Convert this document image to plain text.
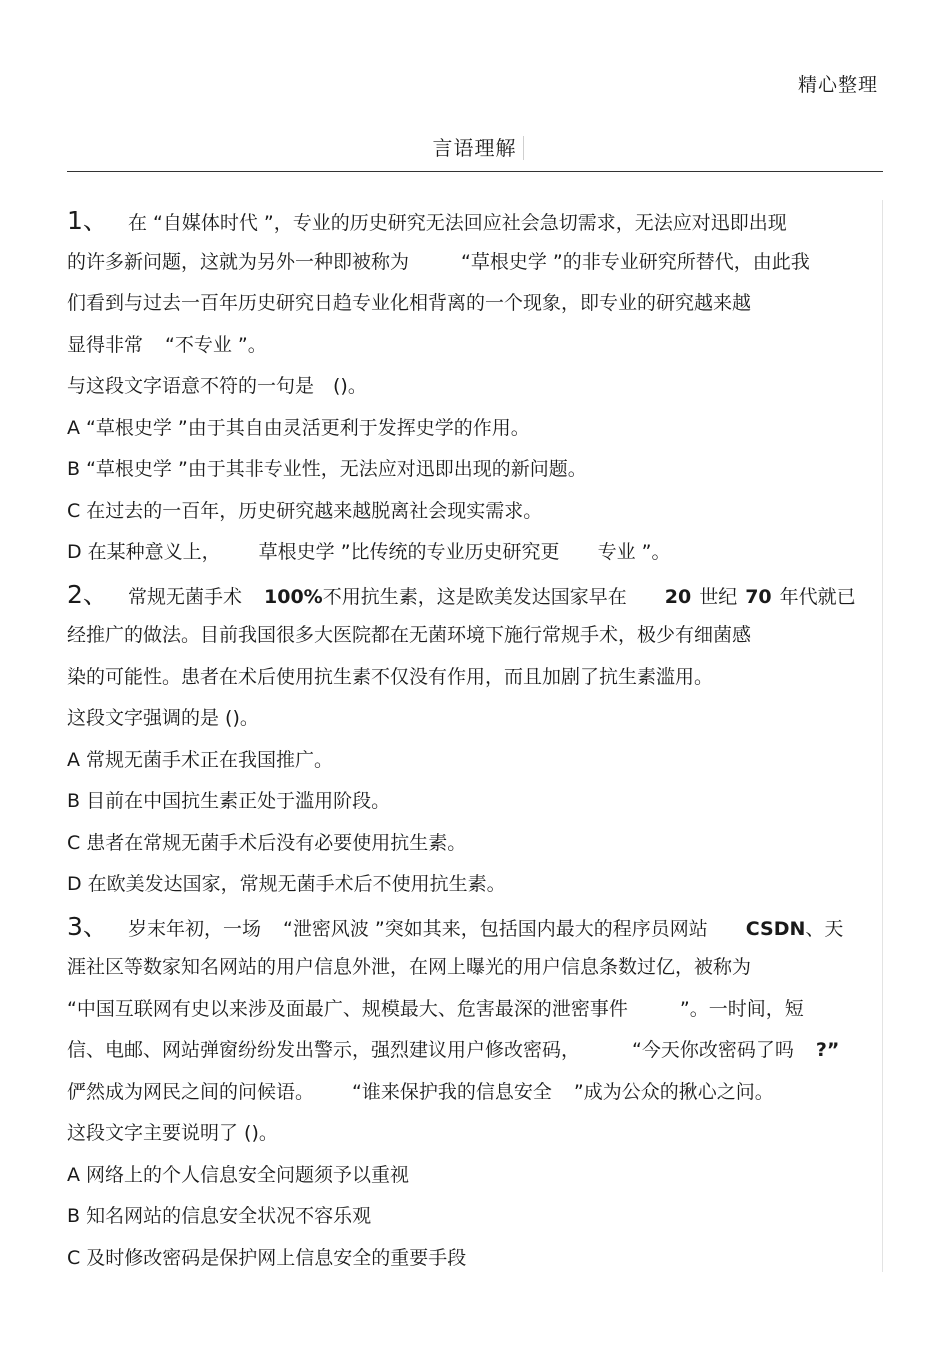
精心整理
言语理解
1、 在 “自媒体时代 ”，专业的历史研究无法回应社会急切需求，无法应对迅即出现
的许多新问题，这就为另外一种即被称为	“草根史学 ”的非专业研究所替代，由此我
们看到与过去一百年历史研究日趋专业化相背离的一个现象，即专业的研究越来越
显得非常 “不专业 ”。
与这段文字语意不符的一句是　()。
A “草根史学 ”由于其自由灵活更利于发挥史学的作用。
B “草根史学 ”由于其非专业性，无法应对迅即出现的新问题。
C 在过去的一百年，历史研究越来越脱离社会现实需求。
D 在某种意义上， 草根史学 ”比传统的专业历史研究更 专业 ”。
2、 常规无菌手术 100%不用抗生素，这是欧美发达国家早在 20 世纪 70 年代就已
经推广的做法。目前我国很多大医院都在无菌环境下施行常规手术，极少有细菌感
染的可能性。患者在术后使用抗生素不仅没有作用，而且加剧了抗生素滥用。
这段文字强调的是 ()。
A 常规无菌手术正在我国推广。
B 目前在中国抗生素正处于滥用阶段。
C 患者在常规无菌手术后没有必要使用抗生素。
D 在欧美发达国家，常规无菌手术后不使用抗生素。
3、 岁末年初，一场 “泄密风波 ”突如其来，包括国内最大的程序员网站 CSDN、天
涯社区等数家知名网站的用户信息外泄，在网上曝光的用户信息条数过亿，被称为
“中国互联网有史以来涉及面最广、规模最大、危害最深的泄密事件	”。一时间，短
信、电邮、网站弹窗纷纷发出警示，强烈建议用户修改密码，	“今天你改密码了吗 ?”
俨然成为网民之间的问候语。 “谁来保护我的信息安全 ”成为公众的揪心之问。
这段文字主要说明了 ()。
A 网络上的个人信息安全问题须予以重视
B 知名网站的信息安全状况不容乐观
C 及时修改密码是保护网上信息安全的重要手段
